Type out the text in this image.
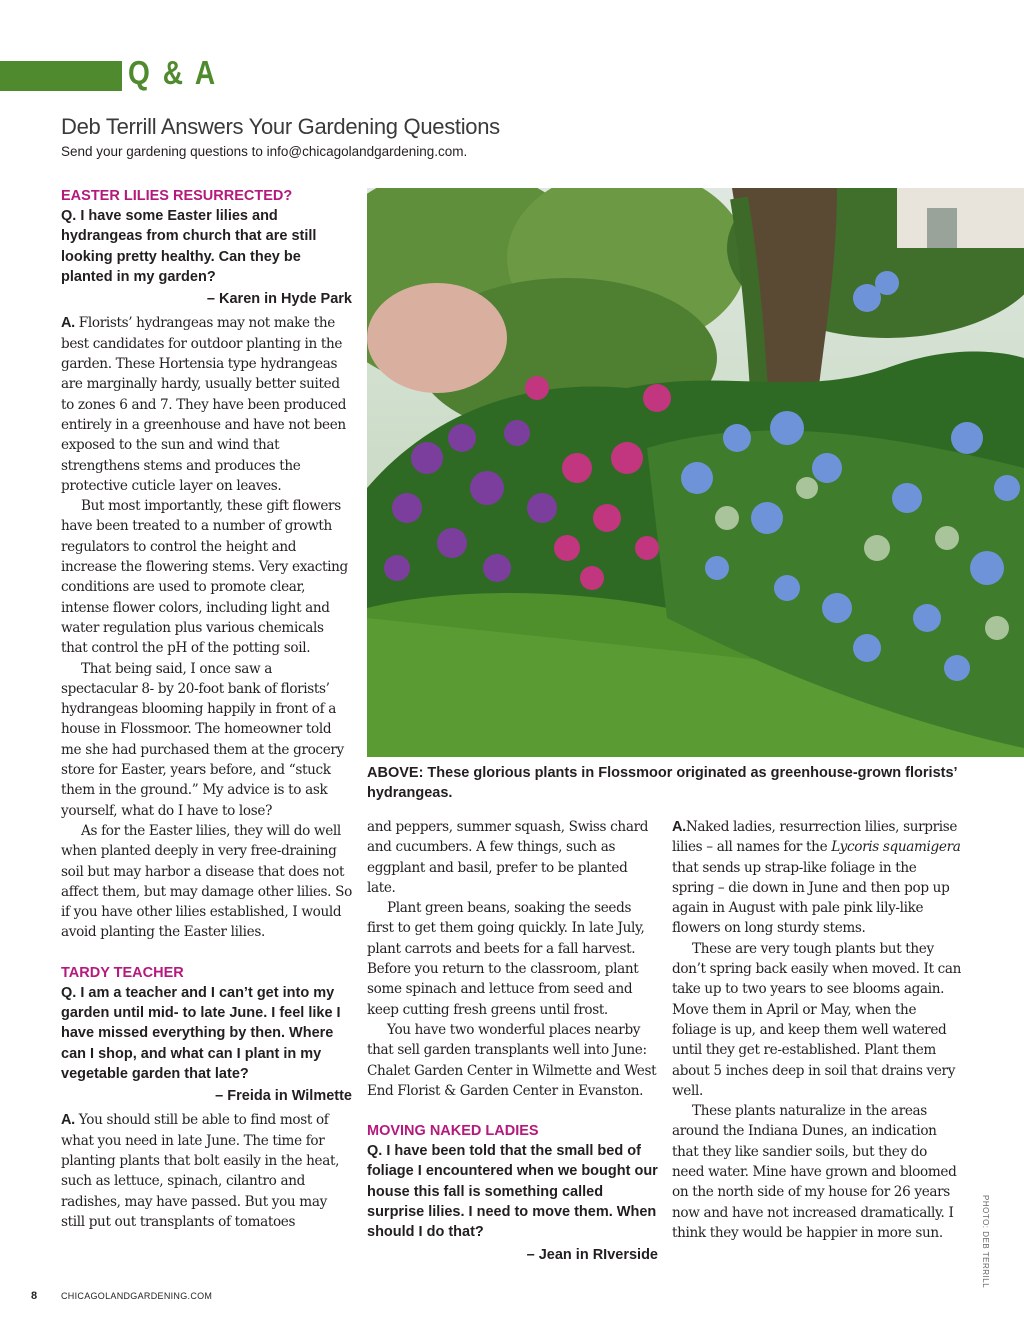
Q & A
Deb Terrill Answers Your Gardening Questions

Send your gardening questions to info@chicagolandgardening.com.

EASTER LILIES RESURRECTED?

Q. I have some Easter lilies and hydrangeas from church that are still looking pretty healthy. Can they be planted in my garden?

– Karen in Hyde Park

A. Florists’ hydrangeas may not make the best candidates for outdoor planting in the garden. These Hortensia type hydrangeas are marginally hardy, usually better suited to zones 6 and 7. They have been produced entirely in a greenhouse and have not been exposed to the sun and wind that strengthens stems and produces the protective cuticle layer on leaves.

But most importantly, these gift flowers have been treated to a number of growth regulators to control the height and increase the flowering stems. Very exacting conditions are used to promote clear, intense flower colors, including light and water regulation plus various chemicals that control the pH of the potting soil.

That being said, I once saw a spectacular 8- by 20-foot bank of florists’ hydrangeas blooming happily in front of a house in Flossmoor. The homeowner told me she had purchased them at the grocery store for Easter, years before, and “stuck them in the ground.” My advice is to ask yourself, what do I have to lose?

As for the Easter lilies, they will do well when planted deeply in very free-draining soil but may harbor a disease that does not affect them, but may damage other lilies. So if you have other lilies established, I would avoid planting the Easter lilies.

TARDY TEACHER

Q. I am a teacher and I can’t get into my garden until mid- to late June. I feel like I have missed everything by then. Where can I shop, and what can I plant in my vegetable garden that late?

– Freida in Wilmette

A. You should still be able to find most of what you need in late June. The time for planting plants that bolt easily in the heat, such as lettuce, spinach, cilantro and radishes, may have passed. But you may still put out transplants of tomatoes

ABOVE: These glorious plants in Flossmoor originated as greenhouse-grown florists’ hydrangeas.

and peppers, summer squash, Swiss chard and cucumbers. A few things, such as eggplant and basil, prefer to be planted late.

Plant green beans, soaking the seeds first to get them going quickly. In late July, plant carrots and beets for a fall harvest. Before you return to the classroom, plant some spinach and lettuce from seed and keep cutting fresh greens until frost.

You have two wonderful places nearby that sell garden transplants well into June: Chalet Garden Center in Wilmette and West End Florist & Garden Center in Evanston.

MOVING NAKED LADIES

Q. I have been told that the small bed of foliage I encountered when we bought our house this fall is something called surprise lilies. I need to move them. When should I do that?

– Jean in RIverside

A.Naked ladies, resurrection lilies, surprise lilies – all names for the Lycoris squamigera that sends up strap-like foliage in the spring – die down in June and then pop up again in August with pale pink lily-like flowers on long sturdy stems.

These are very tough plants but they don’t spring back easily when moved. It can take up to two years to see blooms again. Move them in April or May, when the foliage is up, and keep them well watered until they get re-established. Plant them about 5 inches deep in soil that drains very well.

These plants naturalize in the areas around the Indiana Dunes, an indication that they like sandier soils, but they do need water. Mine have grown and bloomed on the north side of my house for 26 years now and have not increased dramatically. I think they would be happier in more sun.	PHOTO: DEB TERRILL
8	CHICAGOLANDGARDENING.COM
